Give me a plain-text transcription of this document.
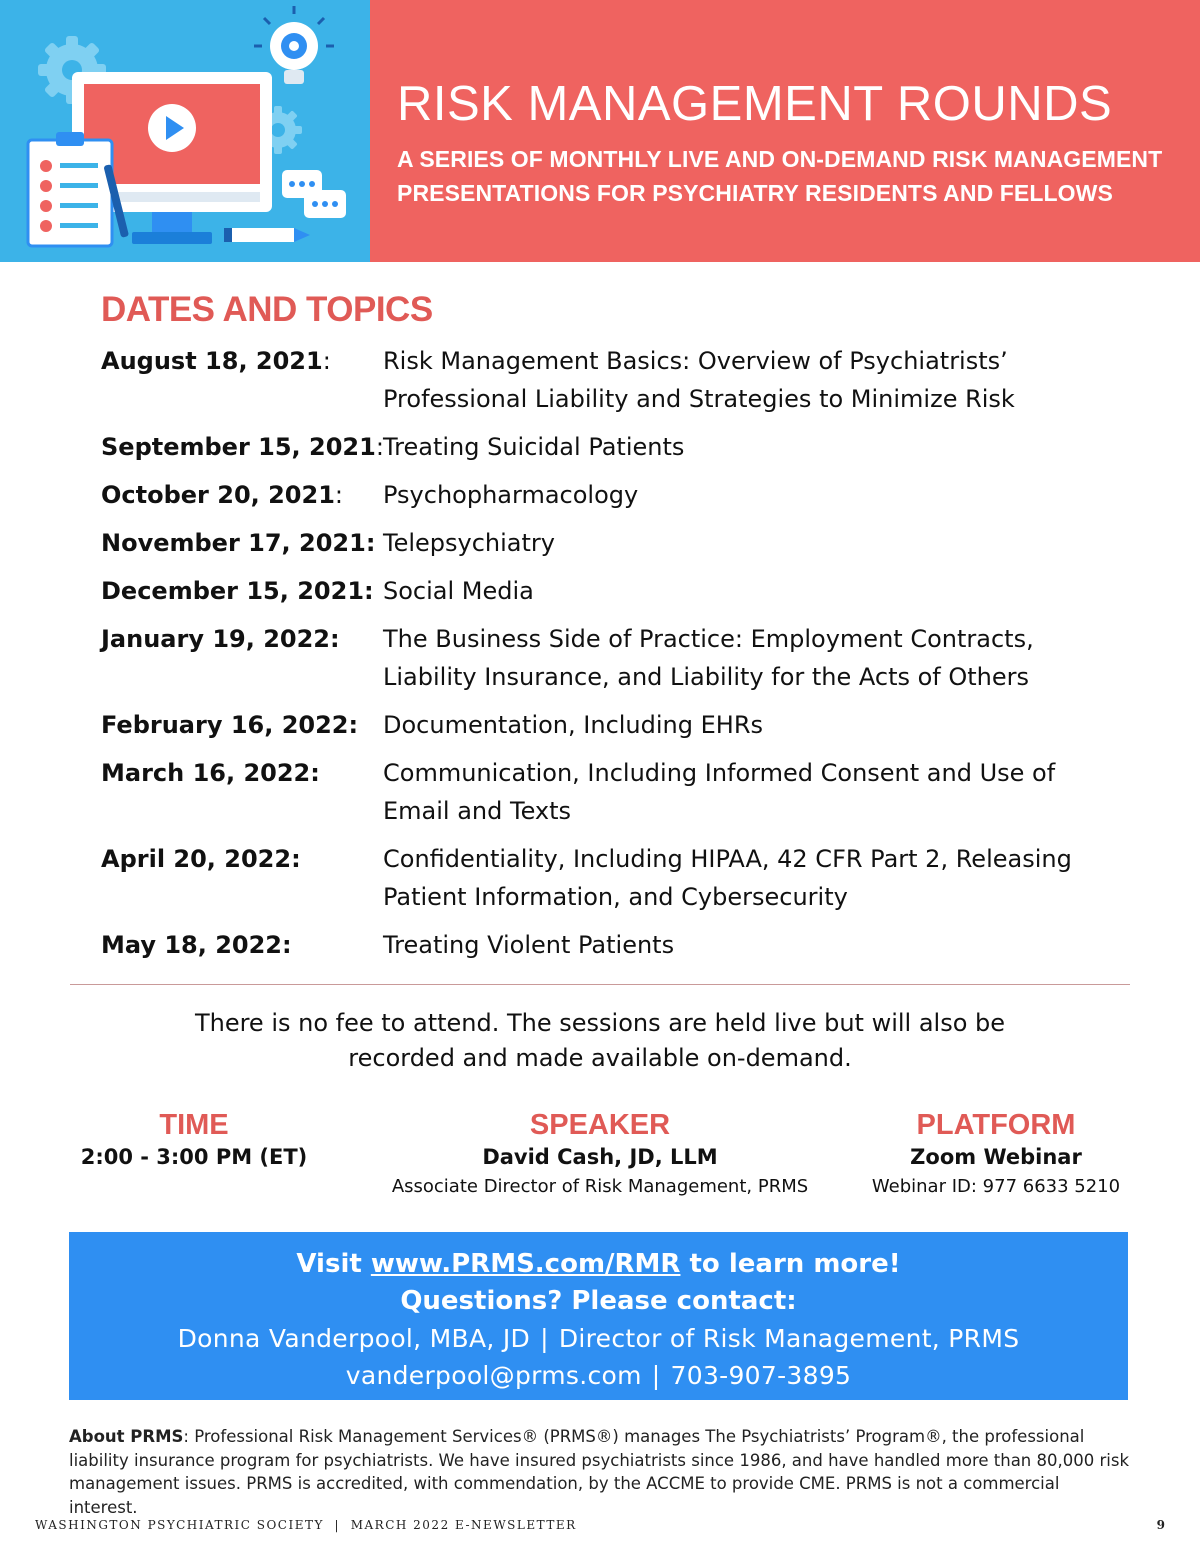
RISK MANAGEMENT ROUNDS
A SERIES OF MONTHLY LIVE AND ON-DEMAND RISK MANAGEMENT PRESENTATIONS FOR PSYCHIATRY RESIDENTS AND FELLOWS
DATES AND TOPICS
August 18, 2021:	Risk Management Basics: Overview of Psychiatrists’ Professional Liability and Strategies to Minimize Risk
September 15, 2021: Treating Suicidal Patients
October 20, 2021:	Psychopharmacology
November 17, 2021: Telepsychiatry
December 15, 2021: Social Media
January 19, 2022:	The Business Side of Practice: Employment Contracts, Liability Insurance, and Liability for the Acts of Others
February 16, 2022:	Documentation, Including EHRs
March 16, 2022:	Communication, Including Informed Consent and Use of Email and Texts
April 20, 2022:	Confidentiality, Including HIPAA, 42 CFR Part 2, Releasing Patient Information, and Cybersecurity
May 18, 2022:	Treating Violent Patients
There is no fee to attend. The sessions are held live but will also be
recorded and made available on-demand.
TIME
2:00 - 3:00 PM (ET)
SPEAKER
David Cash, JD, LLM
Associate Director of Risk Management, PRMS
PLATFORM
Zoom Webinar
Webinar ID: 977 6633 5210
Visit www.PRMS.com/RMR to learn more!
Questions? Please contact:
Donna Vanderpool, MBA, JD | Director of Risk Management, PRMS
vanderpool@prms.com | 703-907-3895
About PRMS: Professional Risk Management Services® (PRMS®) manages The Psychiatrists’ Program®, the professional liability insurance program for psychiatrists. We have insured psychiatrists since 1986, and have handled more than 80,000 risk management issues. PRMS is accredited, with commendation, by the ACCME to provide CME. PRMS is not a commercial interest.
WASHINGTON PSYCHIATRIC SOCIETY  |  MARCH 2022 E-NEWSLETTER	9
